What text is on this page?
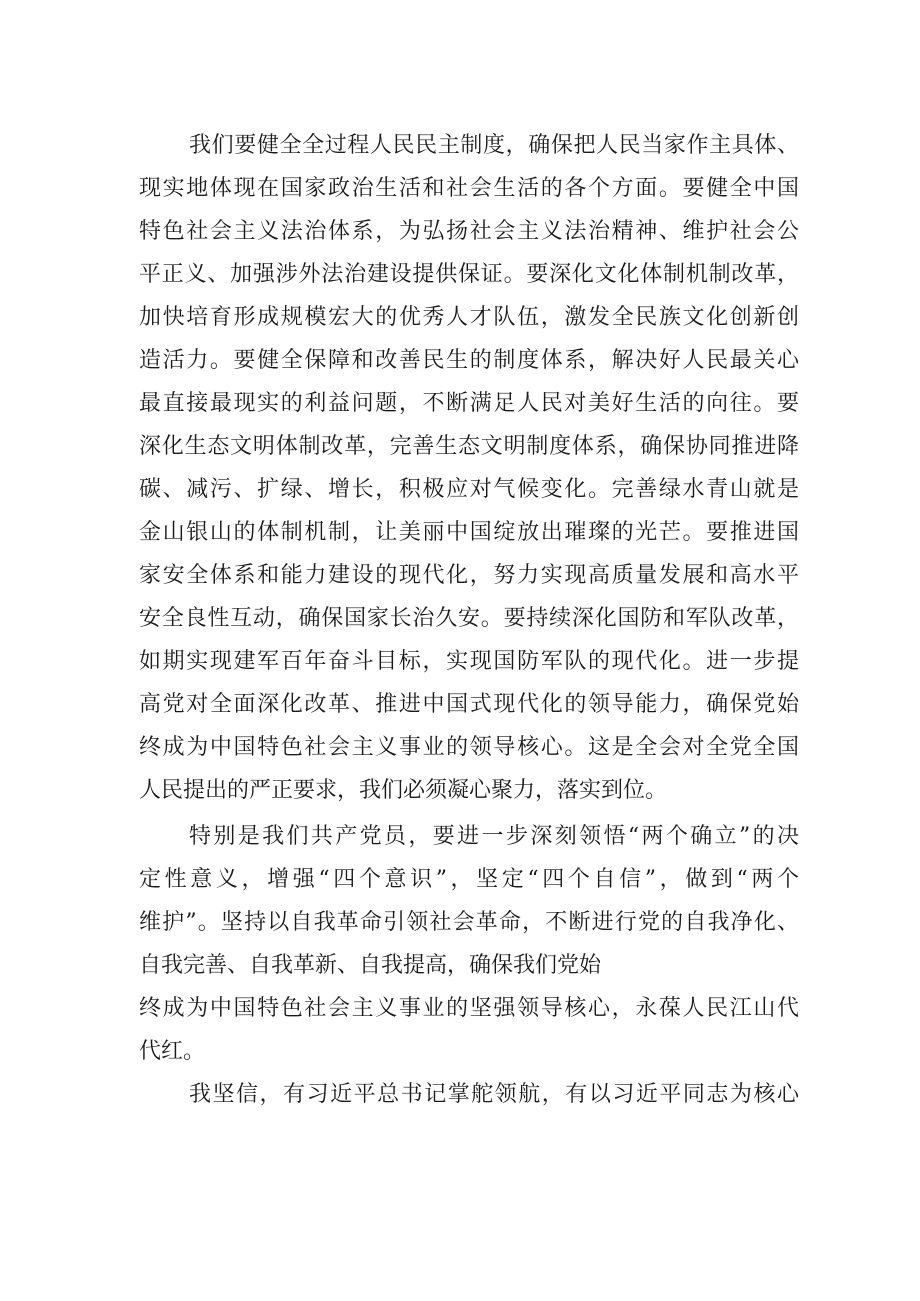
我们要健全全过程人民民主制度，确保把人民当家作主具体、
现实地体现在国家政治生活和社会生活的各个方面。要健全中国
特色社会主义法治体系，为弘扬社会主义法治精神、维护社会公
平正义、加强涉外法治建设提供保证。要深化文化体制机制改革，
加快培育形成规模宏大的优秀人才队伍，激发全民族文化创新创
造活力。要健全保障和改善民生的制度体系，解决好人民最关心
最直接最现实的利益问题，不断满足人民对美好生活的向往。要
深化生态文明体制改革，完善生态文明制度体系，确保协同推进降
碳、减污、扩绿、增长，积极应对气候变化。完善绿水青山就是
金山银山的体制机制，让美丽中国绽放出璀璨的光芒。要推进国
家安全体系和能力建设的现代化，努力实现高质量发展和高水平
安全良性互动，确保国家长治久安。要持续深化国防和军队改革，
如期实现建军百年奋斗目标，实现国防军队的现代化。进一步提
高党对全面深化改革、推进中国式现代化的领导能力，确保党始
终成为中国特色社会主义事业的领导核心。这是全会对全党全国
人民提出的严正要求，我们必须凝心聚力，落实到位。
特别是我们共产党员，要进一步深刻领悟“两个确立”的决
定性意义，增强“四个意识”，坚定“四个自信”，做到“两个
维护”。坚持以自我革命引领社会革命，不断进行党的自我净化、
自我完善、自我革新、自我提高，确保我们党始
终成为中国特色社会主义事业的坚强领导核心，永葆人民江山代
代红。
我坚信，有习近平总书记掌舵领航，有以习近平同志为核心
